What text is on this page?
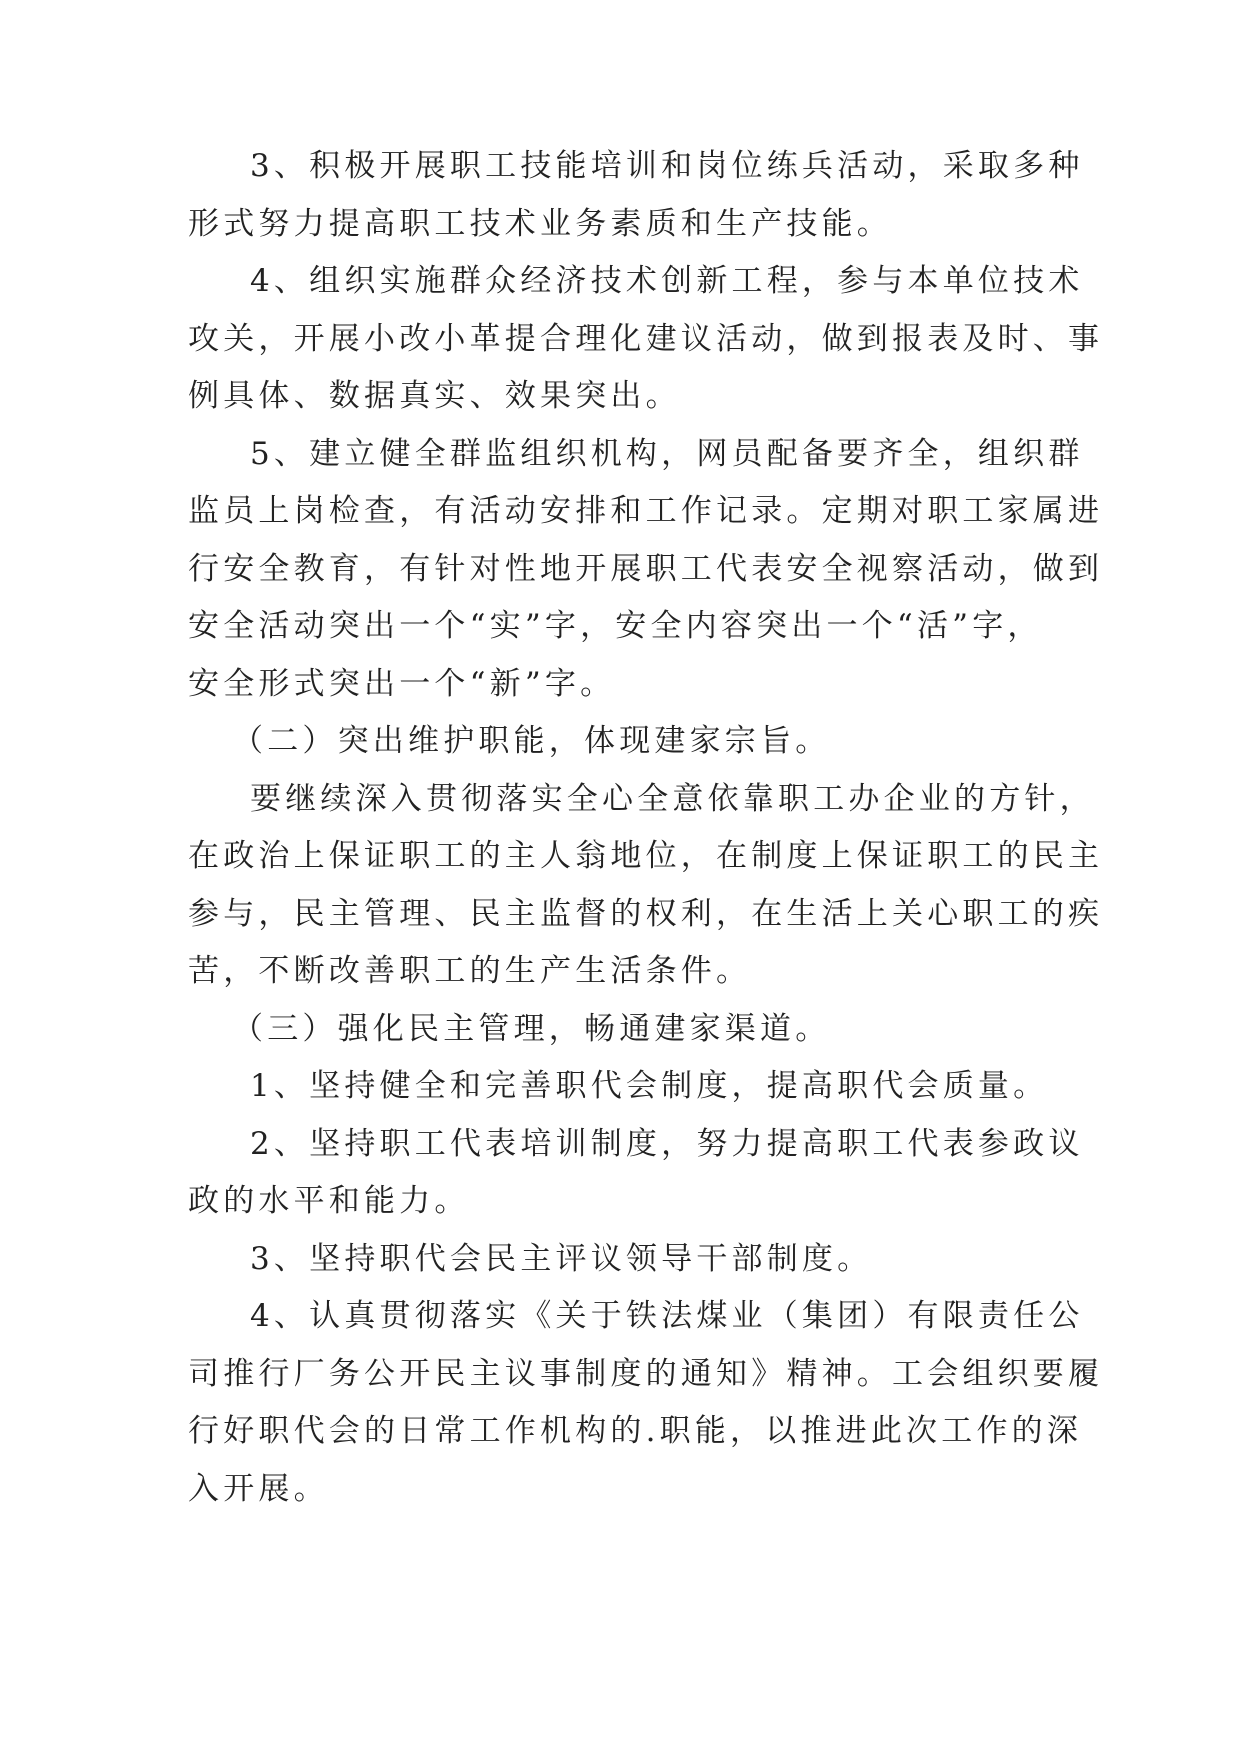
3、积极开展职工技能培训和岗位练兵活动，采取多种
形式努力提高职工技术业务素质和生产技能。
4、组织实施群众经济技术创新工程，参与本单位技术
攻关，开展小改小革提合理化建议活动，做到报表及时、事
例具体、数据真实、效果突出。
5、建立健全群监组织机构，网员配备要齐全，组织群
监员上岗检查，有活动安排和工作记录。定期对职工家属进
行安全教育，有针对性地开展职工代表安全视察活动，做到
安全活动突出一个“实”字，安全内容突出一个“活”字，
安全形式突出一个“新”字。
（二）突出维护职能，体现建家宗旨。
要继续深入贯彻落实全心全意依靠职工办企业的方针，
在政治上保证职工的主人翁地位，在制度上保证职工的民主
参与，民主管理、民主监督的权利，在生活上关心职工的疾
苦，不断改善职工的生产生活条件。
（三）强化民主管理，畅通建家渠道。
1、坚持健全和完善职代会制度，提高职代会质量。
2、坚持职工代表培训制度，努力提高职工代表参政议
政的水平和能力。
3、坚持职代会民主评议领导干部制度。
4、认真贯彻落实《关于铁法煤业（集团）有限责任公
司推行厂务公开民主议事制度的通知》精神。工会组织要履
行好职代会的日常工作机构的.职能，以推进此次工作的深
入开展。
